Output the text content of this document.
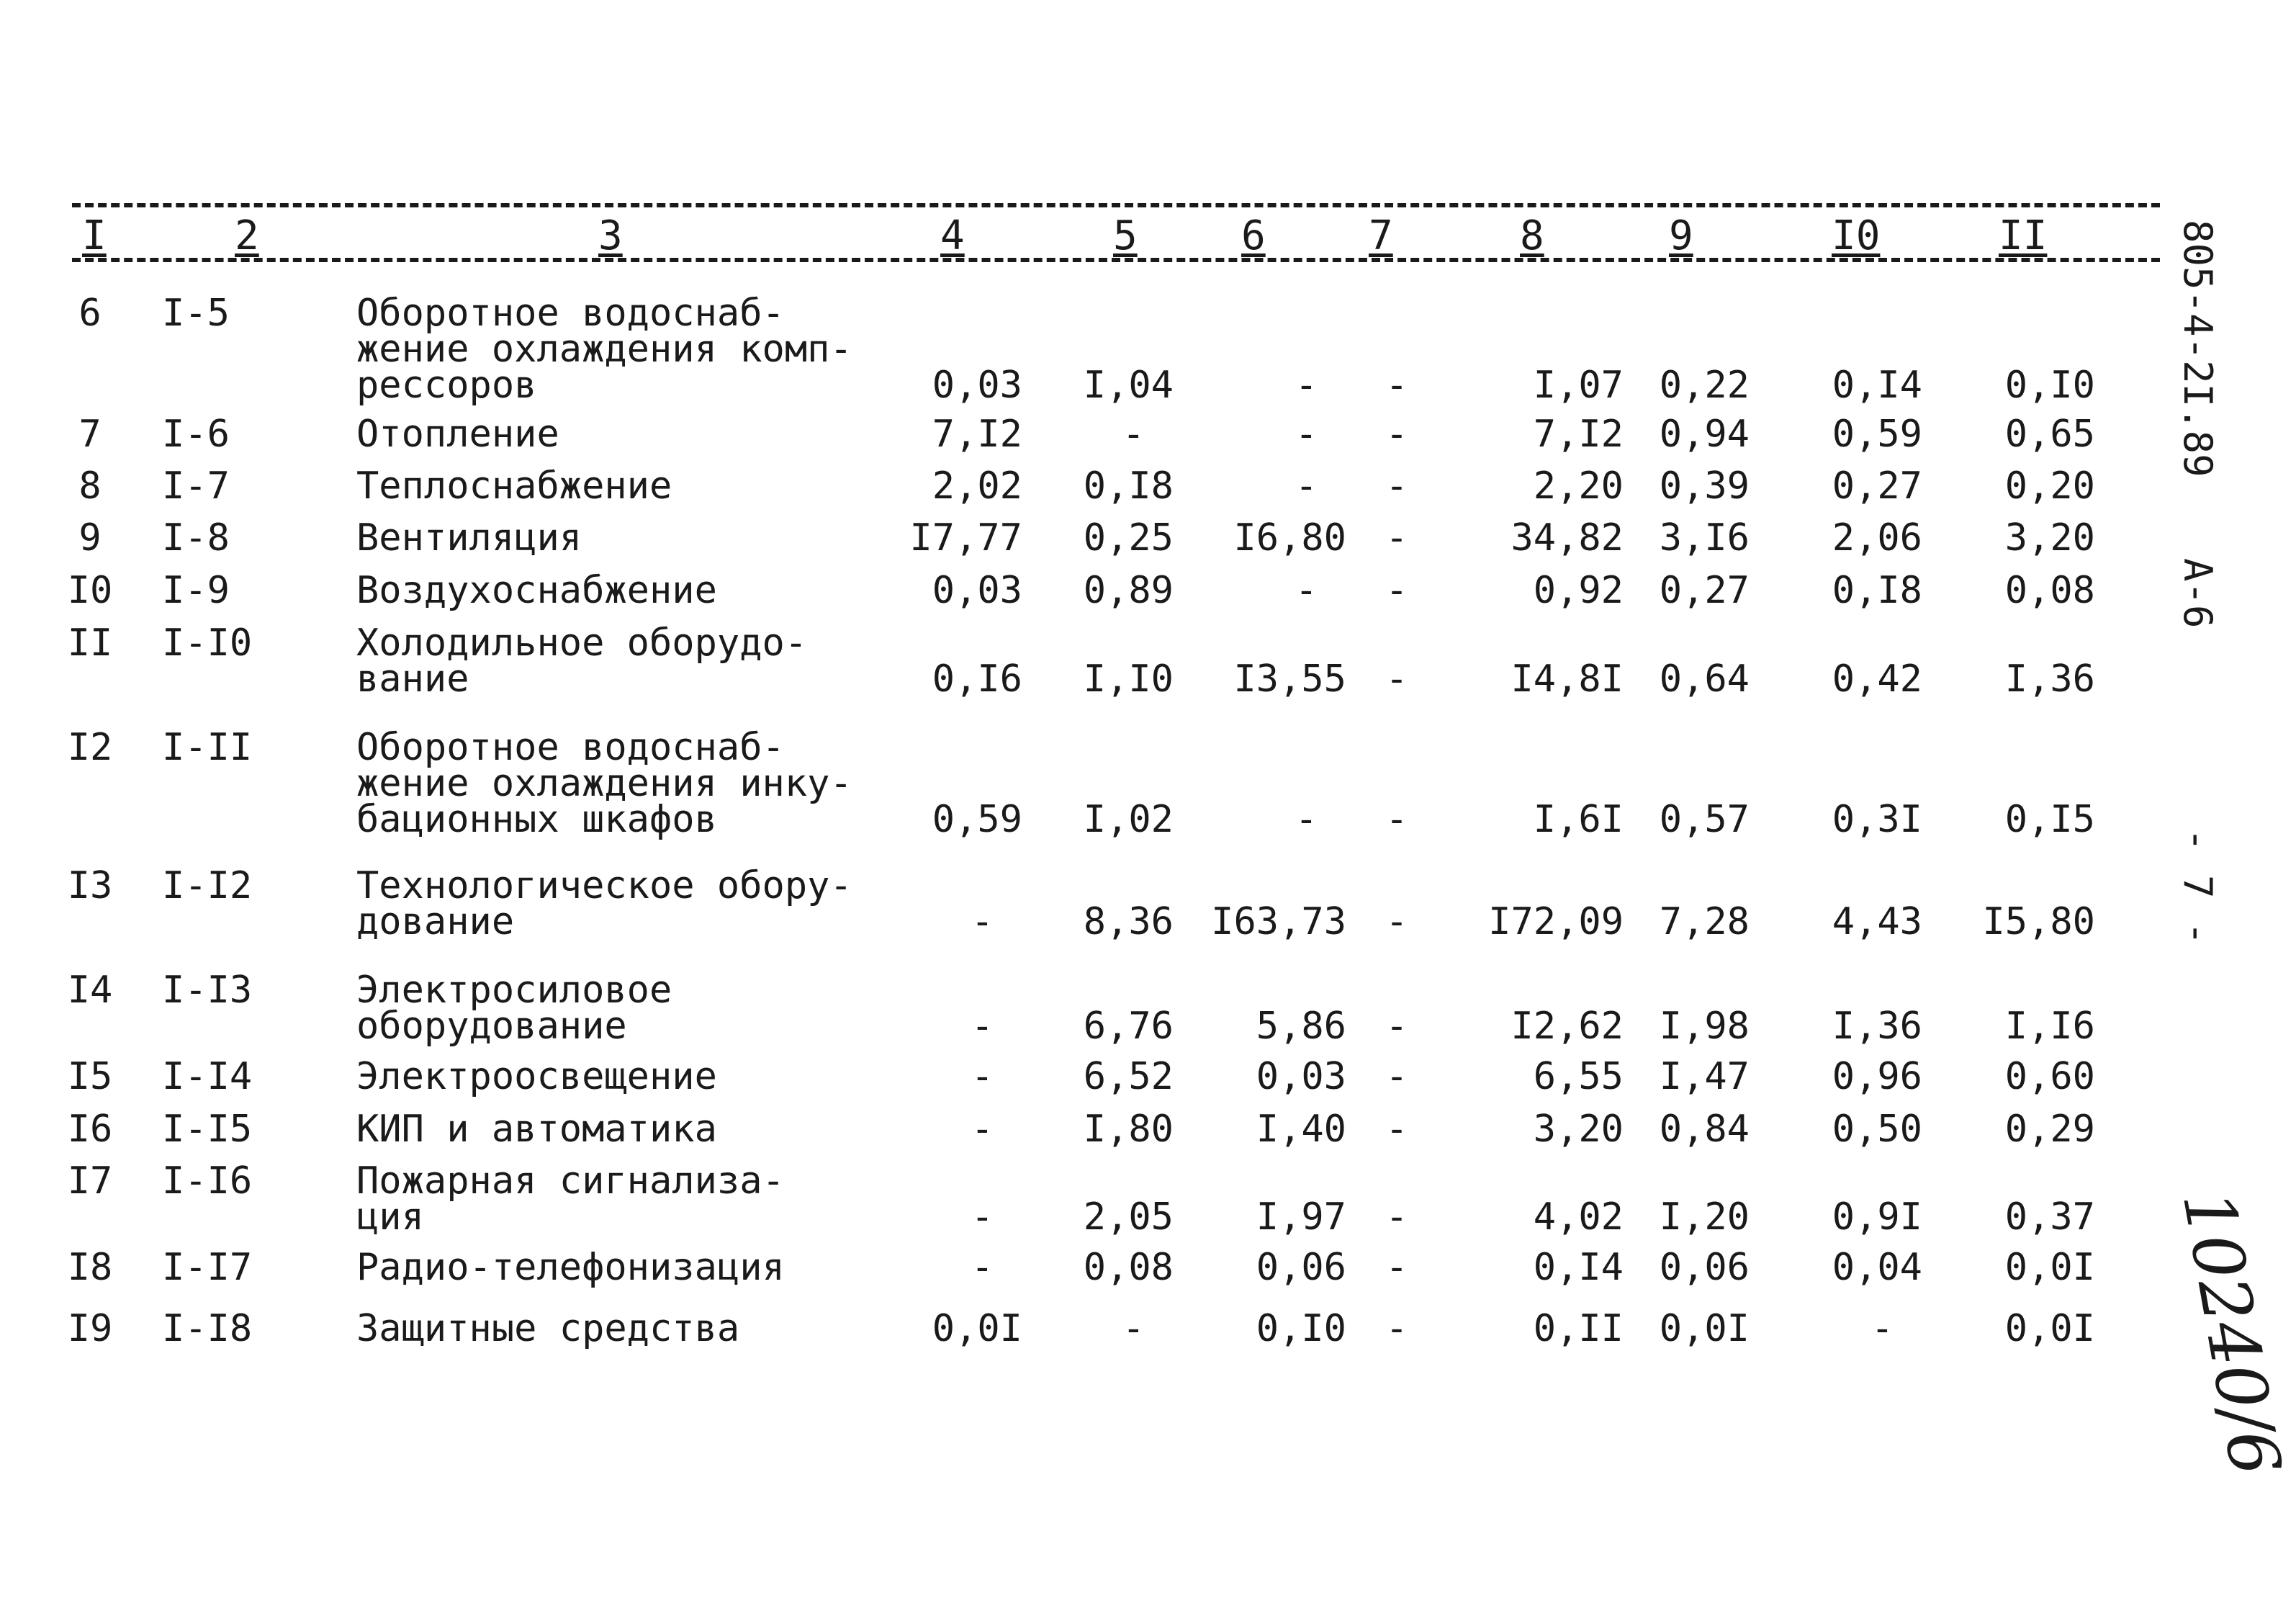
I	2	3	4	5	6	7	8	9	I0	II
6	I-5	Оборотное водоснаб-
жение охлаждения комп-
рессоров	0,03 I,04	- -	I,07 0,22 0,I4 0,I0
7	I-6	Отопление	7,I2	-	- -	7,I2 0,94 0,59 0,65
8	I-7	Теплоснабжение	2,02 0,I8	- -	2,20 0,39 0,27 0,20
9	I-8	Вентиляция	I7,77 0,25 I6,80 -	34,82 3,I6 2,06 3,20
I0 I-9	Воздухоснабжение	0,03 0,89	- -	0,92 0,27 0,I8 0,08
II I-I0	Холодильное оборудо-
вание	0,I6 I,I0 I3,55 -	I4,8I 0,64 0,42 I,36
I2 I-II	Оборотное водоснаб-
жение охлаждения инку-
бационных шкафов	0,59 I,02	- -	I,6I 0,57 0,3I 0,I5
I3 I-I2	Технологическое обору-
дование	- 8,36 I63,73 - I72,09 7,28 4,43 I5,80
I4 I-I3	Электросиловое
оборудование	- 6,76 5,86 -	I2,62 I,98 I,36 I,I6
I5 I-I4	Электроосвещение	- 6,52 0,03 -	6,55 I,47 0,96 0,60
I6 I-I5	КИП и автоматика	- I,80 I,40 -	3,20 0,84 0,50 0,29
I7 I-I6	Пожарная сигнализа-
ция	- 2,05 I,97 -	4,02 I,20 0,9I 0,37
I8 I-I7	Радио-телефонизация	- 0,08 0,06 -	0,I4 0,06 0,04 0,0I
I9 I-I8	Защитные средства	0,0I	-	0,I0 -	0,II 0,0I	-	0,0I
805-4-2I.89
А-6
- 7 -
10240/6
